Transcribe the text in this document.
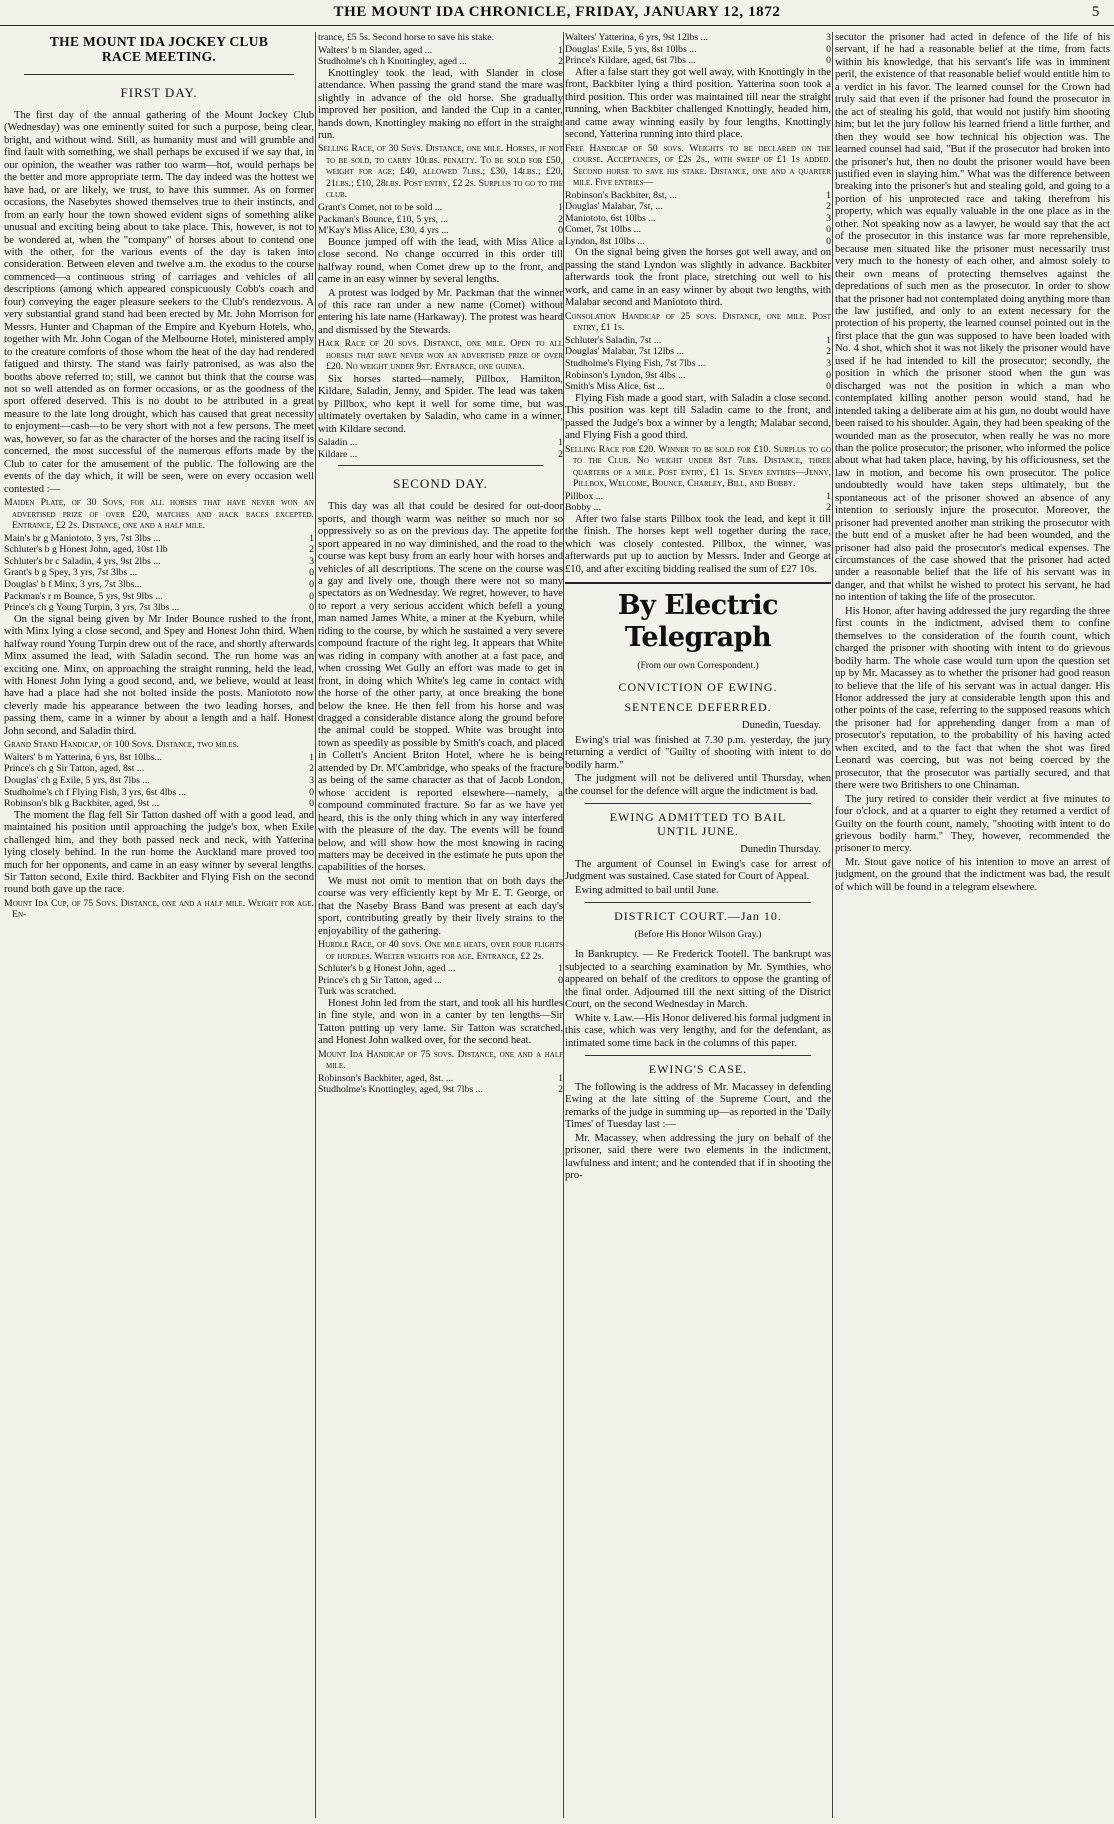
THE MOUNT IDA CHRONICLE, FRIDAY, JANUARY 12, 1872	5
THE MOUNT IDA JOCKEY CLUB
RACE MEETING.
FIRST DAY.

The first day of the annual gathering of the Mount Jockey Club (Wednesday) was one eminently suited for such a purpose, being clear, bright, and without wind. Still, as humanity must and will grumble and find fault with something, we shall perhaps be excused if we say that, in our opinion, the weather was rather too warm—hot, would perhaps be the better and more appropriate term. The day indeed was the hottest we have had, or are likely, we trust, to have this summer. As on former occasions, the Nasebytes showed themselves true to their instincts, and from an early hour the town showed evident signs of something alike unusual and exciting being about to take place. This, however, is not to be wondered at, when the "company" of horses about to contend one with the other, for the various events of the day is taken into consideration. Between eleven and twelve a.m. the exodus to the course commenced—a continuous string of carriages and vehicles of all descriptions (among which appeared conspicuously Cobb's coach and four) conveying the eager pleasure seekers to the Club's rendezvous. A very substantial grand stand had been erected by Mr. John Morrison for Messrs. Hunter and Chapman of the Empire and Kyeburn Hotels, who, together with Mr. John Cogan of the Melbourne Hotel, ministered amply to the creature comforts of those whom the heat of the day had rendered fatigued and thirsty. The stand was fairly patronised, as was also the booths above referred to; still, we cannot but think that the course was not so well attended as on former occasions, or as the goodness of the sport offered deserved. This is no doubt to be attributed in a great measure to the late long drought, which has caused that great necessity to enjoyment—cash—to be very short with not a few persons. The meet was, however, so far as the character of the horses and the racing itself is concerned, the most successful of the numerous efforts made by the Club to cater for the amusement of the public. The following are the events of the day which, it will be seen, were on every occasion well contested :—

Maiden Plate, of 30 Sovs, for all horses that have never won an advertised prize of over £20, matches and hack races excepted. Entrance, £2 2s. Distance, one and a half mile.

Main's br g Maniototo, 3 yrs, 7st 3lbs ...	1
Schluter's b g Honest John, aged, 10st 1lb	2
Schluter's br c Saladin, 4 yrs, 9st 2lbs ...	3
Grant's b g Spey, 3 yrs, 7st 3lbs ...	0
Douglas' b f Minx, 3 yrs, 7st 3lbs...	0
Packman's r m Bounce, 5 yrs, 9st 9lbs ...	0
Prince's ch g Young Turpin, 3 yrs, 7st 3lbs ...	0

On the signal being given by Mr Inder Bounce rushed to the front, with Minx lying a close second, and Spey and Honest John third. When halfway round Young Turpin drew out of the race, and shortly afterwards Minx assumed the lead, with Saladin second. The run home was an exciting one. Minx, on approaching the straight running, held the lead, with Honest John lying a good second, and, we believe, would at least have had a place had she not bolted inside the posts. Maniototo now cleverly made his appearance between the two leading horses, and passing them, came in a winner by about a length and a half. Honest John second, and Saladin third.

Grand Stand Handicap, of 100 Sovs. Distance, two miles.

Walters' b m Yatterina, 6 yrs, 8st 10lbs...	1
Prince's ch g Sir Tatton, aged, 8st ...	2
Douglas' ch g Exile, 5 yrs, 8st 7lbs ...	3
Studholme's ch f Flying Fish, 3 yrs, 6st 4lbs ...	0
Robinson's blk g Backbiter, aged, 9st ...	0

The moment the flag fell Sir Tatton dashed off with a good lead, and maintained his position until approaching the judge's box, when Exile challenged him, and they both passed neck and neck, with Yatterina lying closely behind. In the run home the Auckland mare proved too much for her opponents, and came in an easy winner by several lengths. Sir Tatton second, Exile third. Backbiter and Flying Fish on the second round both gave up the race.

Mount Ida Cup, of 75 Sovs. Distance, one and a half mile. Weight for age. En-

trance, £5 5s. Second horse to save his stake.

Walters' b m Slander, aged ...	1
Studholme's ch h Knottingley, aged ...	2

Knottingley took the lead, with Slander in close attendance. When passing the grand stand the mare was slightly in advance of the old horse. She gradually improved her position, and landed the Cup in a canter, hands down, Knottingley making no effort in the straight run.

Selling Race, of 30 Sovs. Distance, one mile. Horses, if not to be sold, to carry 10lbs. penalty. To be sold for £50, weight for age; £40, allowed 7lbs.; £30, 14lbs.; £20, 21lbs.; £10, 28lbs. Post entry, £2 2s. Surplus to go to the club.

Grant's Comet, not to be sold ...	1
Packman's Bounce, £10, 5 yrs, ...	2
M'Kay's Miss Alice, £30, 4 yrs ...	0

Bounce jumped off with the lead, with Miss Alice a close second. No change occurred in this order till halfway round, when Comet drew up to the front, and came in an easy winner by several lengths.

A protest was lodged by Mr. Packman that the winner of this race ran under a new name (Comet) without entering his late name (Harkaway). The protest was heard and dismissed by the Stewards.

Hack Race of 20 sovs. Distance, one mile. Open to all horses that have never won an advertised prize of over £20. No weight under 9st. Entrance, one guinea.

Six horses started—namely, Pillbox, Hamilton, Kildare, Saladin, Jenny, and Spider. The lead was taken by Pillbox, who kept it well for some time, but was ultimately overtaken by Saladin, who came in a winner, with Kildare second.

Saladin ...	1
Kildare ...	2
SECOND DAY.

This day was all that could be desired for out-door sports, and though warm was neither so much nor so oppressively so as on the previous day. The appetite for sport appeared in no way diminished, and the road to the course was kept busy from an early hour with horses and vehicles of all descriptions. The scene on the course was a gay and lively one, though there were not so many spectators as on Wednesday. We regret, however, to have to report a very serious accident which befell a young man named James White, a miner at the Kyeburn, while riding to the course, by which he sustained a very severe compound fracture of the right leg. It appears that White was riding in company with another at a fast pace, and when crossing Wet Gully an effort was made to get in front, in doing which White's leg came in contact with the horse of the other party, at once breaking the bone below the knee. He then fell from his horse and was dragged a considerable distance along the ground before the animal could be stopped. White was brought into town as speedily as possible by Smith's coach, and placed in Collett's Ancient Briton Hotel, where he is being attended by Dr. M'Cambridge, who speaks of the fracture as being of the same character as that of Jacob London, whose accident is reported elsewhere—namely, a compound comminuted fracture. So far as we have yet heard, this is the only thing which in any way interfered with the pleasure of the day. The events will be found below, and will show how the most knowing in racing matters may be deceived in the estimate he puts upon the capabilities of the horses.

We must not omit to mention that on both days the course was very efficiently kept by Mr E. T. George, or that the Naseby Brass Band was present at each day's sport, contributing greatly by their lively strains to the enjoyability of the gathering.

Hurdle Race, of 40 sovs. One mile heats, over four flights of hurdles. Welter weights for age. Entrance, £2 2s.

Schluter's b g Honest John, aged ...	1
Prince's ch g Sir Tatton, aged ...	0
Turk was scratched.

Honest John led from the start, and took all his hurdles in fine style, and won in a canter by ten lengths—Sir Tatton putting up very lame. Sir Tatton was scratched, and Honest John walked over, for the second heat.

Mount Ida Handicap of 75 sovs. Distance, one and a half mile.

Robinson's Backbiter, aged, 8st. ...	1
Studholme's Knottingley, aged, 9st 7lbs ...	2
Walters' Yatterina, 6 yrs, 9st 12lbs ...	3
Douglas' Exile, 5 yrs, 8st 10lbs ...	0
Prince's Kildare, aged, 6st 7lbs ...	0

After a false start they got well away, with Knottingly in the front, Backbiter lying a third position. Yatterina soon took a third position. This order was maintained till near the straight running, when Backbiter challenged Knottingly, headed him, and came away winning easily by four lengths, Knottingly second, Yatterina running into third place.

Free Handicap of 50 sovs. Weights to be declared on the course. Acceptances, of £2s 2s., with sweep of £1 1s added. Second horse to save his stake. Distance, one and a quarter mile. Five entries—

Robinson's Backbiter, 8st, ...	1
Douglas' Malabar, 7st, ...	2
Maniototo, 6st 10lbs ...	3
Comet, 7st 10lbs ...	0
Lyndon, 8st 10lbs ...	0

On the signal being given the horses got well away, and on passing the stand Lyndon was slightly in advance. Backbiter afterwards took the front place, stretching out well to his work, and came in an easy winner by about two lengths, with Malabar second and Maniototo third.

Consolation Handicap of 25 sovs. Distance, one mile. Post entry, £1 1s.

Schluter's Saladin, 7st ...	1
Douglas' Malabar, 7st 12lbs ...	2
Studholme's Flying Fish, 7st 7lbs ...	3
Robinson's Lyndon, 9st 4lbs ...	0
Smith's Miss Alice, 6st ...	0

Flying Fish made a good start, with Saladin a close second. This position was kept till Saladin came to the front, and passed the Judge's box a winner by a length; Malabar second, and Flying Fish a good third.

Selling Race for £20. Winner to be sold for £10. Surplus to go to the Club. No weight under 8st 7lbs. Distance, three quarters of a mile. Post entry, £1 1s. Seven entries—Jenny, Pillbox, Welcome, Bounce, Charley, Bill, and Bobby.

Pillbox ...	1
Bobby ...	2

After two false starts Pillbox took the lead, and kept it till the finish. The horses kept well together during the race, which was closely contested. Pillbox, the winner, was afterwards put up to auction by Messrs. Inder and George at £10, and after exciting bidding realised the sum of £27 10s.

By Electric Telegraph
(From our own Correspondent.)
CONVICTION OF EWING.
SENTENCE DEFERRED.
Dunedin, Tuesday.

Ewing's trial was finished at 7.30 p.m. yesterday, the jury returning a verdict of "Guilty of shooting with intent to do bodily harm."

The judgment will not be delivered until Thursday, when the counsel for the defence will argue the indictment is bad.

EWING ADMITTED TO BAIL
UNTIL JUNE.
Dunedin Thursday.

The argument of Counsel in Ewing's case for arrest of Judgment was sustained. Case stated for Court of Appeal.

Ewing admitted to bail until June.

DISTRICT COURT.—Jan 10.
(Before His Honor Wilson Gray.)

In Bankruptcy. — Re Frederick Tootell. The bankrupt was subjected to a searching examination by Mr. Symthies, who appeared on behalf of the creditors to oppose the granting of the final order. Adjourned till the next sitting of the District Court, on the second Wednesday in March.

White v. Law.—His Honor delivered his formal judgment in this case, which was very lengthy, and for the defendant, as intimated some time back in the columns of this paper.

EWING'S CASE.

The following is the address of Mr. Macassey in defending Ewing at the late sitting of the Supreme Court, and the remarks of the judge in summing up—as reported in the 'Daily Times' of Tuesday last :—

Mr. Macassey, when addressing the jury on behalf of the prisoner, said there were two elements in the indictment, lawfulness and intent; and he contended that if in shooting the pro-

secutor the prisoner had acted in defence of the life of his servant, if he had a reasonable belief at the time, from facts within his knowledge, that his servant's life was in imminent peril, the existence of that reasonable belief would entitle him to a verdict in his favor. The learned counsel for the Crown had truly said that even if the prisoner had found the prosecutor in the act of stealing his gold, that would not justify him shooting him; but let the jury follow his learned friend a little further, and then they would see how technical his objection was. The learned counsel had said, "But if the prosecutor had broken into the prisoner's hut, then no doubt the prisoner would have been justified even in slaying him." What was the difference between breaking into the prisoner's hut and stealing gold, and going to a portion of his unprotected race and taking therefrom his property, which was equally valuable in the one place as in the other. Not speaking now as a lawyer, he would say that the act of the prosecutor in this instance was far more reprehensible, because men situated like the prisoner must necessarily trust very much to the honesty of each other, and almost solely to their own means of protecting themselves against the depredations of such men as the prosecutor. In order to show that the prisoner had not contemplated doing anything more than the law justified, and only to an extent necessary for the protection of his property, the learned counsel pointed out in the first place that the gun was supposed to have been loaded with No. 4 shot, which shot it was not likely the prisoner would have used if he had intended to kill the prosecutor; secondly, the position in which the prisoner stood when the gun was discharged was not the position in which a man who contemplated killing another person would stand, had he intended taking a deliberate aim at his gun, no doubt would have been raised to his shoulder. Again, they had been speaking of the wounded man as the prosecutor, when really he was no more than the police prosecutor; the prisoner, who informed the police about what had taken place, having, by his officiousness, set the law in motion, and become his own prosecutor. The police undoubtedly would have taken steps ultimately, but the spontaneous act of the prisoner showed an absence of any intention to seriously injure the prosecutor. Moreover, the prisoner had prevented another man striking the prosecutor with the butt end of a musket after he had been wounded, and the prisoner had also paid the prosecutor's medical expenses. The circumstances of the case showed that the prisoner had acted under a reasonable belief that the life of his servant was in danger, and that whilst he wished to protect his servant, he had no intention of taking the life of the prosecutor.

His Honor, after having addressed the jury regarding the three first counts in the indictment, advised them to confine themselves to the consideration of the fourth count, which charged the prisoner with shooting with intent to do grievous bodily harm. The whole case would turn upon the question set up by Mr. Macassey as to whether the prisoner had good reason to believe that the life of his servant was in actual danger. His Honor addressed the jury at considerable length upon this and other points of the case, referring to the supposed reasons which the prisoner had for apprehending danger from a man of prosecutor's reputation, to the probability of his having acted when excited, and to the fact that when the shot was fired Leonard was coercing, but was not being coerced by the prosecutor, that the prosecutor was partially secured, and that there were two Britishers to one Chinaman.

The jury retired to consider their verdict at five minutes to four o'clock, and at a quarter to eight they returned a verdict of Guilty on the fourth count, namely, "shooting with intent to do grievous bodily harm." They, however, recommended the prisoner to mercy.

Mr. Stout gave notice of his intention to move an arrest of judgment, on the ground that the indictment was bad, the result of which will be found in a telegram elsewhere.
